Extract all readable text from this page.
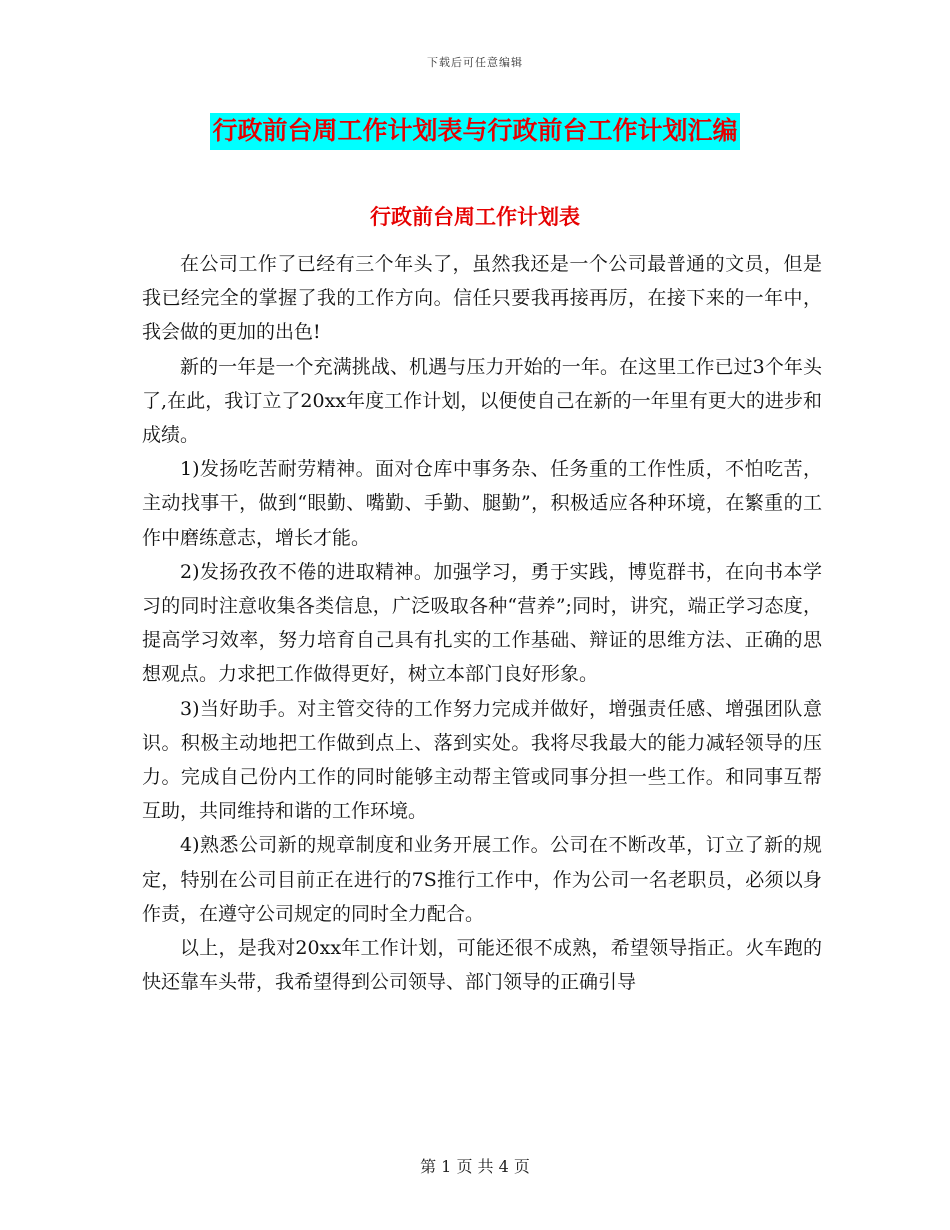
下载后可任意编辑
行政前台周工作计划表与行政前台工作计划汇编
行政前台周工作计划表

在公司工作了已经有三个年头了，虽然我还是一个公司最普通的文员，但是我已经完全的掌握了我的工作方向。信任只要我再接再厉，在接下来的一年中，我会做的更加的出色!

新的一年是一个充满挑战、机遇与压力开始的一年。在这里工作已过3个年头了,在此，我订立了20xx年度工作计划，以便使自己在新的一年里有更大的进步和成绩。

1)发扬吃苦耐劳精神。面对仓库中事务杂、任务重的工作性质，不怕吃苦，主动找事干，做到“眼勤、嘴勤、手勤、腿勤”，积极适应各种环境，在繁重的工作中磨练意志，增长才能。

2)发扬孜孜不倦的进取精神。加强学习，勇于实践，博览群书，在向书本学习的同时注意收集各类信息，广泛吸取各种“营养”;同时，讲究，端正学习态度，提高学习效率，努力培育自己具有扎实的工作基础、辩证的思维方法、正确的思想观点。力求把工作做得更好，树立本部门良好形象。

3)当好助手。对主管交待的工作努力完成并做好，增强责任感、增强团队意识。积极主动地把工作做到点上、落到实处。我将尽我最大的能力减轻领导的压力。完成自己份内工作的同时能够主动帮主管或同事分担一些工作。和同事互帮互助，共同维持和谐的工作环境。

4)熟悉公司新的规章制度和业务开展工作。公司在不断改革，订立了新的规定，特别在公司目前正在进行的7S推行工作中，作为公司一名老职员，必须以身作责，在遵守公司规定的同时全力配合。

以上，是我对20xx年工作计划，可能还很不成熟，希望领导指正。火车跑的快还靠车头带，我希望得到公司领导、部门领导的正确引导

第 1 页 共 4 页
